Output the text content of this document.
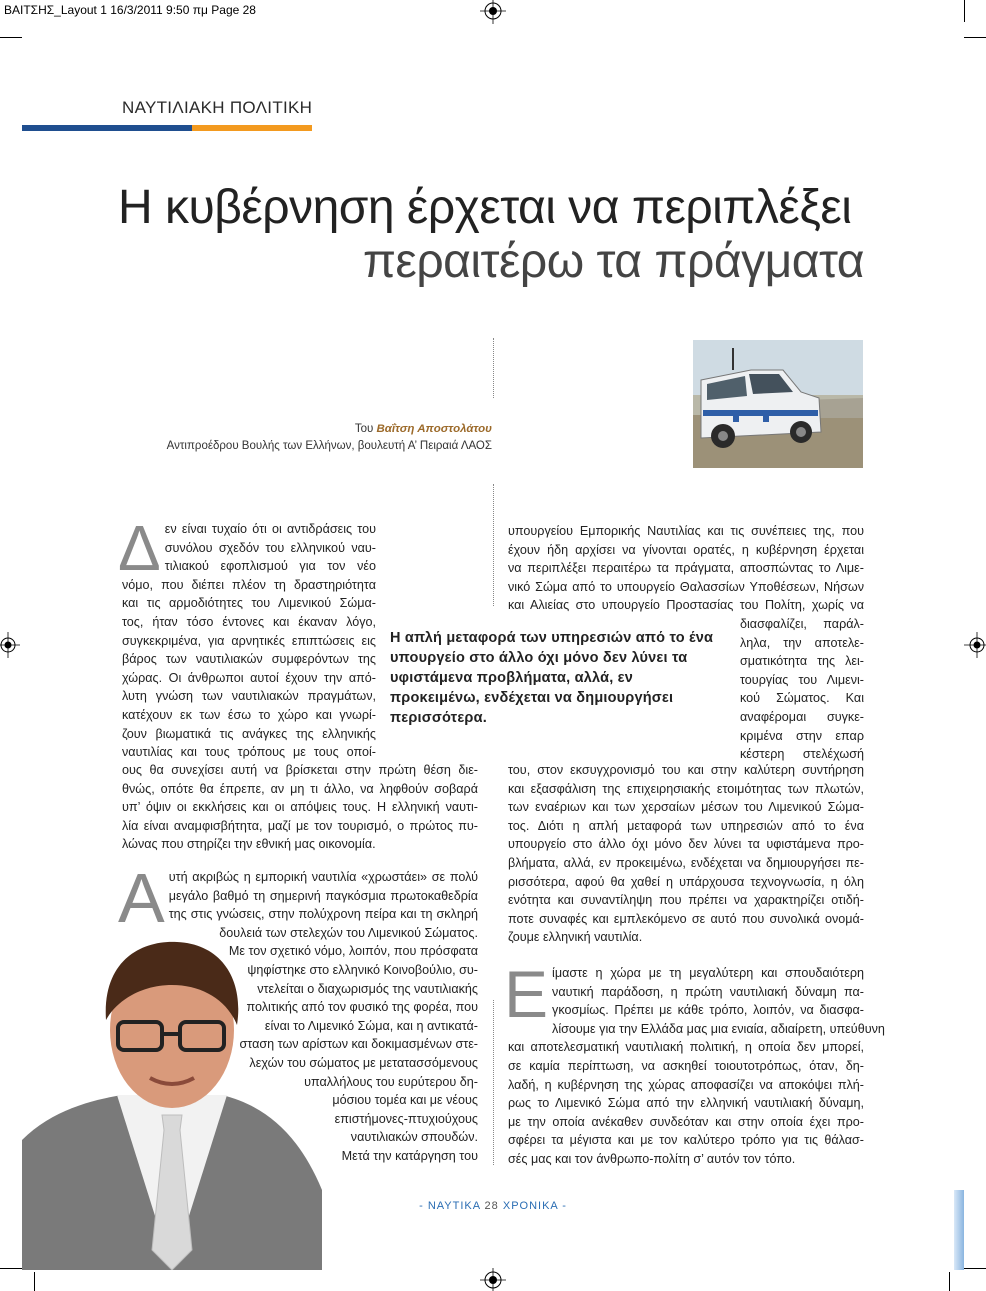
ΒΑΙΤΣΗΣ_Layout 1 16/3/2011 9:50 πμ Page 28
ΝΑΥΤΙΛΙΑΚΗ ΠΟΛΙΤΙΚΗ
Η κυβέρνηση έρχεται να περιπλέξει
περαιτέρω τα πράγματα
Του Βαΐτση Αποστολάτου
Αντιπροέδρου Βουλής των Ελλήνων, βουλευτή Α’ Πειραιά ΛΑΟΣ
Δ εν είναι τυχαίο ότι οι αντιδράσεις του
συνόλου σχεδόν του ελληνικού ναυ-
τιλιακού εφοπλισμού για τον νέο
νόμο, που διέπει πλέον τη δραστηριότητα
και τις αρμοδιότητες του Λιμενικού Σώμα-
τος, ήταν τόσο έντονες και έκαναν λόγο,
συγκεκριμένα, για αρνητικές επιπτώσεις εις
βάρος των ναυτιλιακών συμφερόντων της
χώρας. Οι άνθρωποι αυτοί έχουν την από-
λυτη γνώση των ναυτιλιακών πραγμάτων,
κατέχουν εκ των έσω το χώρο και γνωρί-
ζουν βιωματικά τις ανάγκες της ελληνικής
ναυτιλίας και τους τρόπους με τους οποί-
ους θα συνεχίσει αυτή να βρίσκεται στην πρώτη θέση διε-
θνώς, οπότε θα έπρεπε, αν μη τι άλλο, να ληφθούν σοβαρά
υπ’ όψιν οι εκκλήσεις και οι απόψεις τους. Η ελληνική ναυτι-
λία είναι αναμφισβήτητα, μαζί με τον τουρισμό, ο πρώτος πυ-
λώνας που στηρίζει την εθνική μας οικονομία.
Α υτή ακριβώς η εμπορική ναυτιλία «χρωστάει» σε πολύ
μεγάλο βαθμό τη σημερινή παγκόσμια πρωτοκαθεδρία
της στις γνώσεις, στην πολύχρονη πείρα και τη σκληρή
δουλειά των στελεχών του Λιμενικού Σώματος.
Με τον σχετικό νόμο, λοιπόν, που πρόσφατα
ψηφίστηκε στο ελληνικό Κοινοβούλιο, συ-
ντελείται ο διαχωρισμός της ναυτιλιακής
πολιτικής από τον φυσικό της φορέα, που
είναι το Λιμενικό Σώμα, και η αντικατά-
σταση των αρίστων και δοκιμασμένων στε-
λεχών του σώματος με μετατασσόμενους
υπαλλήλους του ευρύτερου δη-
μόσιου τομέα και με νέους
επιστήμονες-πτυχιούχους
ναυτιλιακών σπουδών.
Μετά την κατάργηση του
Η απλή μεταφορά των υπηρεσιών από το ένα υπουργείο στο άλλο όχι μόνο δεν λύνει τα υφιστάμενα προβλήματα, αλλά, εν προκειμένω, ενδέχεται να δημιουργήσει περισσότερα.
υπουργείου Εμπορικής Ναυτιλίας και τις συνέπειες της, που
έχουν ήδη αρχίσει να γίνονται ορατές, η κυβέρνηση έρχεται
να περιπλέξει περαιτέρω τα πράγματα, αποσπώντας το Λιμε-
νικό Σώμα από το υπουργείο Θαλασσίων Υποθέσεων, Νήσων
και Αλιείας στο υπουργείο Προστασίας του Πολίτη, χωρίς να
διασφαλίζει, παράλ-
ληλα, την αποτελε-
σματικότητα της λει-
τουργίας του Λιμενι-
κού Σώματος. Και
αναφέρομαι συγκε-
κριμένα στην επαρ
κέστερη στελέχωσή
του, στον εκσυγχρονισμό του και στην καλύτερη συντήρηση
και εξασφάλιση της επιχειρησιακής ετοιμότητας των πλωτών,
των εναέριων και των χερσαίων μέσων του Λιμενικού Σώμα-
τος. Διότι η απλή μεταφορά των υπηρεσιών από το ένα
υπουργείο στο άλλο όχι μόνο δεν λύνει τα υφιστάμενα προ-
βλήματα, αλλά, εν προκειμένω, ενδέχεται να δημιουργήσει πε-
ρισσότερα, αφού θα χαθεί η υπάρχουσα τεχνογνωσία, η όλη
ενότητα και συναντίληψη που πρέπει να χαρακτηρίζει οτιδή-
ποτε συναφές και εμπλεκόμενο σε αυτό που συνολικά ονομά-
ζουμε ελληνική ναυτιλία.
Ε ίμαστε η χώρα με τη μεγαλύτερη και σπουδαιότερη
ναυτική παράδοση, η πρώτη ναυτιλιακή δύναμη πα-
γκοσμίως. Πρέπει με κάθε τρόπο, λοιπόν, να διασφα-
λίσουμε για την Ελλάδα μας μια ενιαία, αδιαίρετη, υπεύθυνη
και αποτελεσματική ναυτιλιακή πολιτική, η οποία δεν μπορεί,
σε καμία περίπτωση, να ασκηθεί τοιουτοτρόπως, όταν, δη-
λαδή, η κυβέρνηση της χώρας αποφασίζει να αποκόψει πλή-
ρως το Λιμενικό Σώμα από την ελληνική ναυτιλιακή δύναμη,
με την οποία ανέκαθεν συνδεόταν και στην οποία έχει προ-
σφέρει τα μέγιστα και με τον καλύτερο τρόπο για τις θάλασ-
σές μας και τον άνθρωπο-πολίτη σ’ αυτόν τον τόπο.
- ΝΑΥΤΙΚΑ 28 ΧΡΟΝΙΚΑ -
